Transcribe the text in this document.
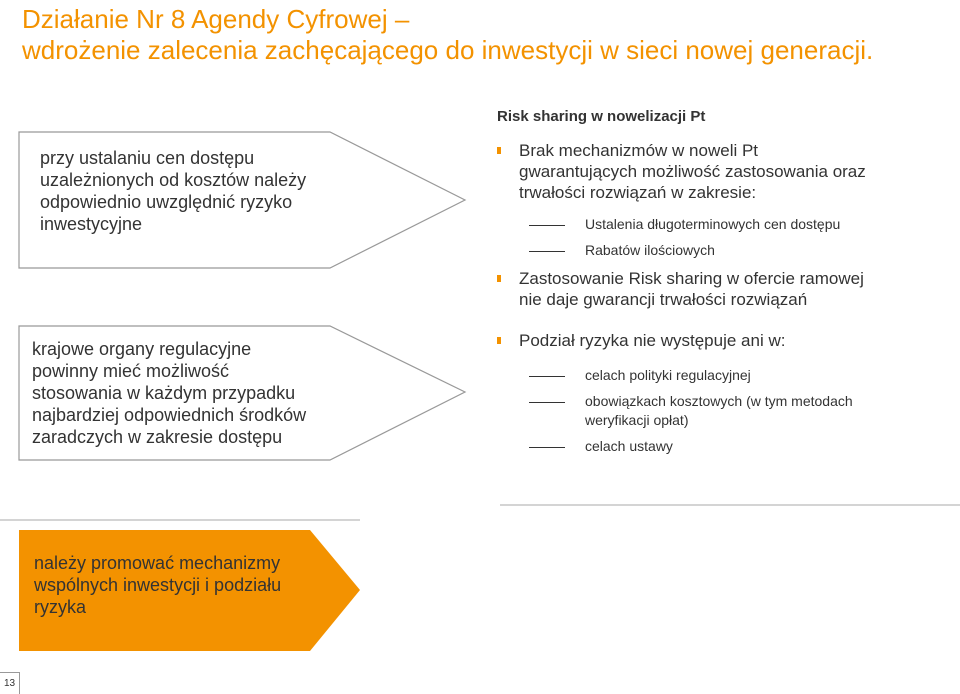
Działanie Nr 8 Agendy Cyfrowej –
wdrożenie zalecenia zachęcającego do inwestycji w sieci nowej generacji.
przy ustalaniu cen dostępu
uzależnionych od kosztów należy
odpowiednio uwzględnić ryzyko
inwestycyjne
krajowe organy regulacyjne
powinny mieć możliwość
stosowania w każdym przypadku
najbardziej odpowiednich środków
zaradczych w zakresie dostępu
należy promować mechanizmy
wspólnych inwestycji i podziału
ryzyka
Risk sharing w nowelizacji Pt
Brak mechanizmów w noweli Pt
gwarantujących możliwość zastosowania oraz
trwałości rozwiązań w zakresie:
Ustalenia długoterminowych cen dostępu
Rabatów ilościowych
Zastosowanie Risk sharing w ofercie ramowej
nie daje gwarancji trwałości rozwiązań
Podział ryzyka nie występuje ani w:
celach polityki regulacyjnej
obowiązkach kosztowych (w tym metodach
weryfikacji opłat)
celach ustawy
13
